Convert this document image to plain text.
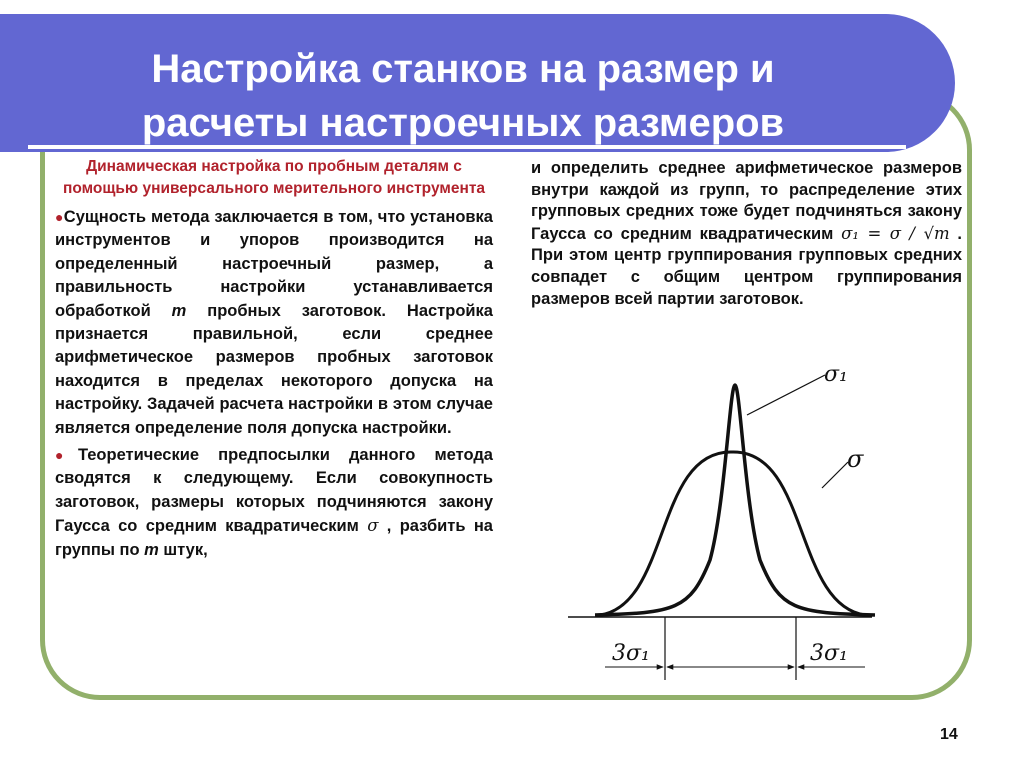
Настройка станков на размер и
расчеты настроечных размеров

Динамическая настройка по пробным деталям с помощью универсального мерительного инструмента

●Сущность метода заключается в том, что установка инструментов и упоров производится на определенный настроечный размер, а правильность настройки устанавливается обработкой m пробных заготовок. Настройка признается правильной, если среднее арифметическое размеров пробных заготовок находится в пределах некоторого допуска на настройку. Задачей расчета настройки в этом случае является определение поля допуска настройки.

●Теоретические предпосылки данного метода сводятся к следующему. Если совокупность заготовок, размеры которых подчиняются закону Гаусса со средним квадратическим σ , разбить на группы по m штук,

и определить среднее арифметическое размеров внутри каждой из групп, то распределение этих групповых средних тоже будет подчиняться закону Гаусса со средним квадратическим σ₁ = σ / √m . При этом центр группирования групповых средних совпадет с общим центром группирования размеров всей партии заготовок.
σ₁
σ
3σ₁	3σ₁
14
